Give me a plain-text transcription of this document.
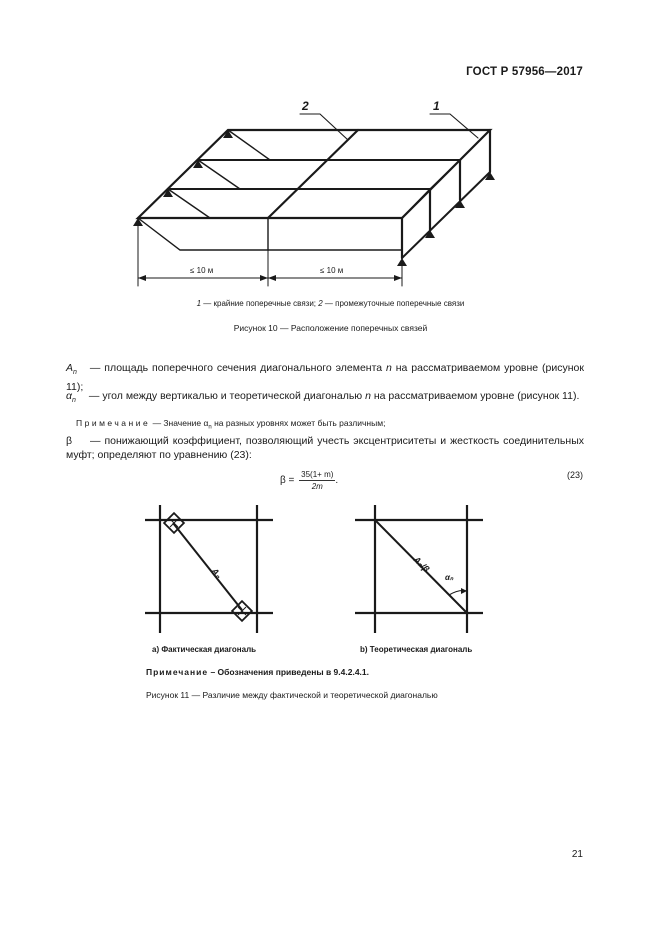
ГОСТ Р 57956—2017
2	1
≤ 10 м	≤ 10 м
1 — крайние поперечные связи; 2 — промежуточные поперечные связи
Рисунок 10 — Расположение поперечных связей
$A_n$ — площадь поперечного сечения диагонального элемента n на рассматриваемом уровне (рисунок 11);
$\alpha_n$ — угол между вертикалью и теоретической диагональю n на рассматриваемом уровне (рисунок 11).
Примечание — Значение $\alpha_n$ на разных уровнях может быть различным;
β — понижающий коэффициент, позволяющий учесть эксцентриситеты и жесткость соединительных муфт; определяют по уравнению (23):
$\beta = \frac{35(1+ m)}{2m}$ .
(23)
Aₙ	Aₙ/β
αₙ
a) Фактическая диагональ	b) Теоретическая диагональ
Примечание – Обозначения приведены в 9.4.2.4.1.
Рисунок 11 — Различие между фактической и теоретической диагональю
21
